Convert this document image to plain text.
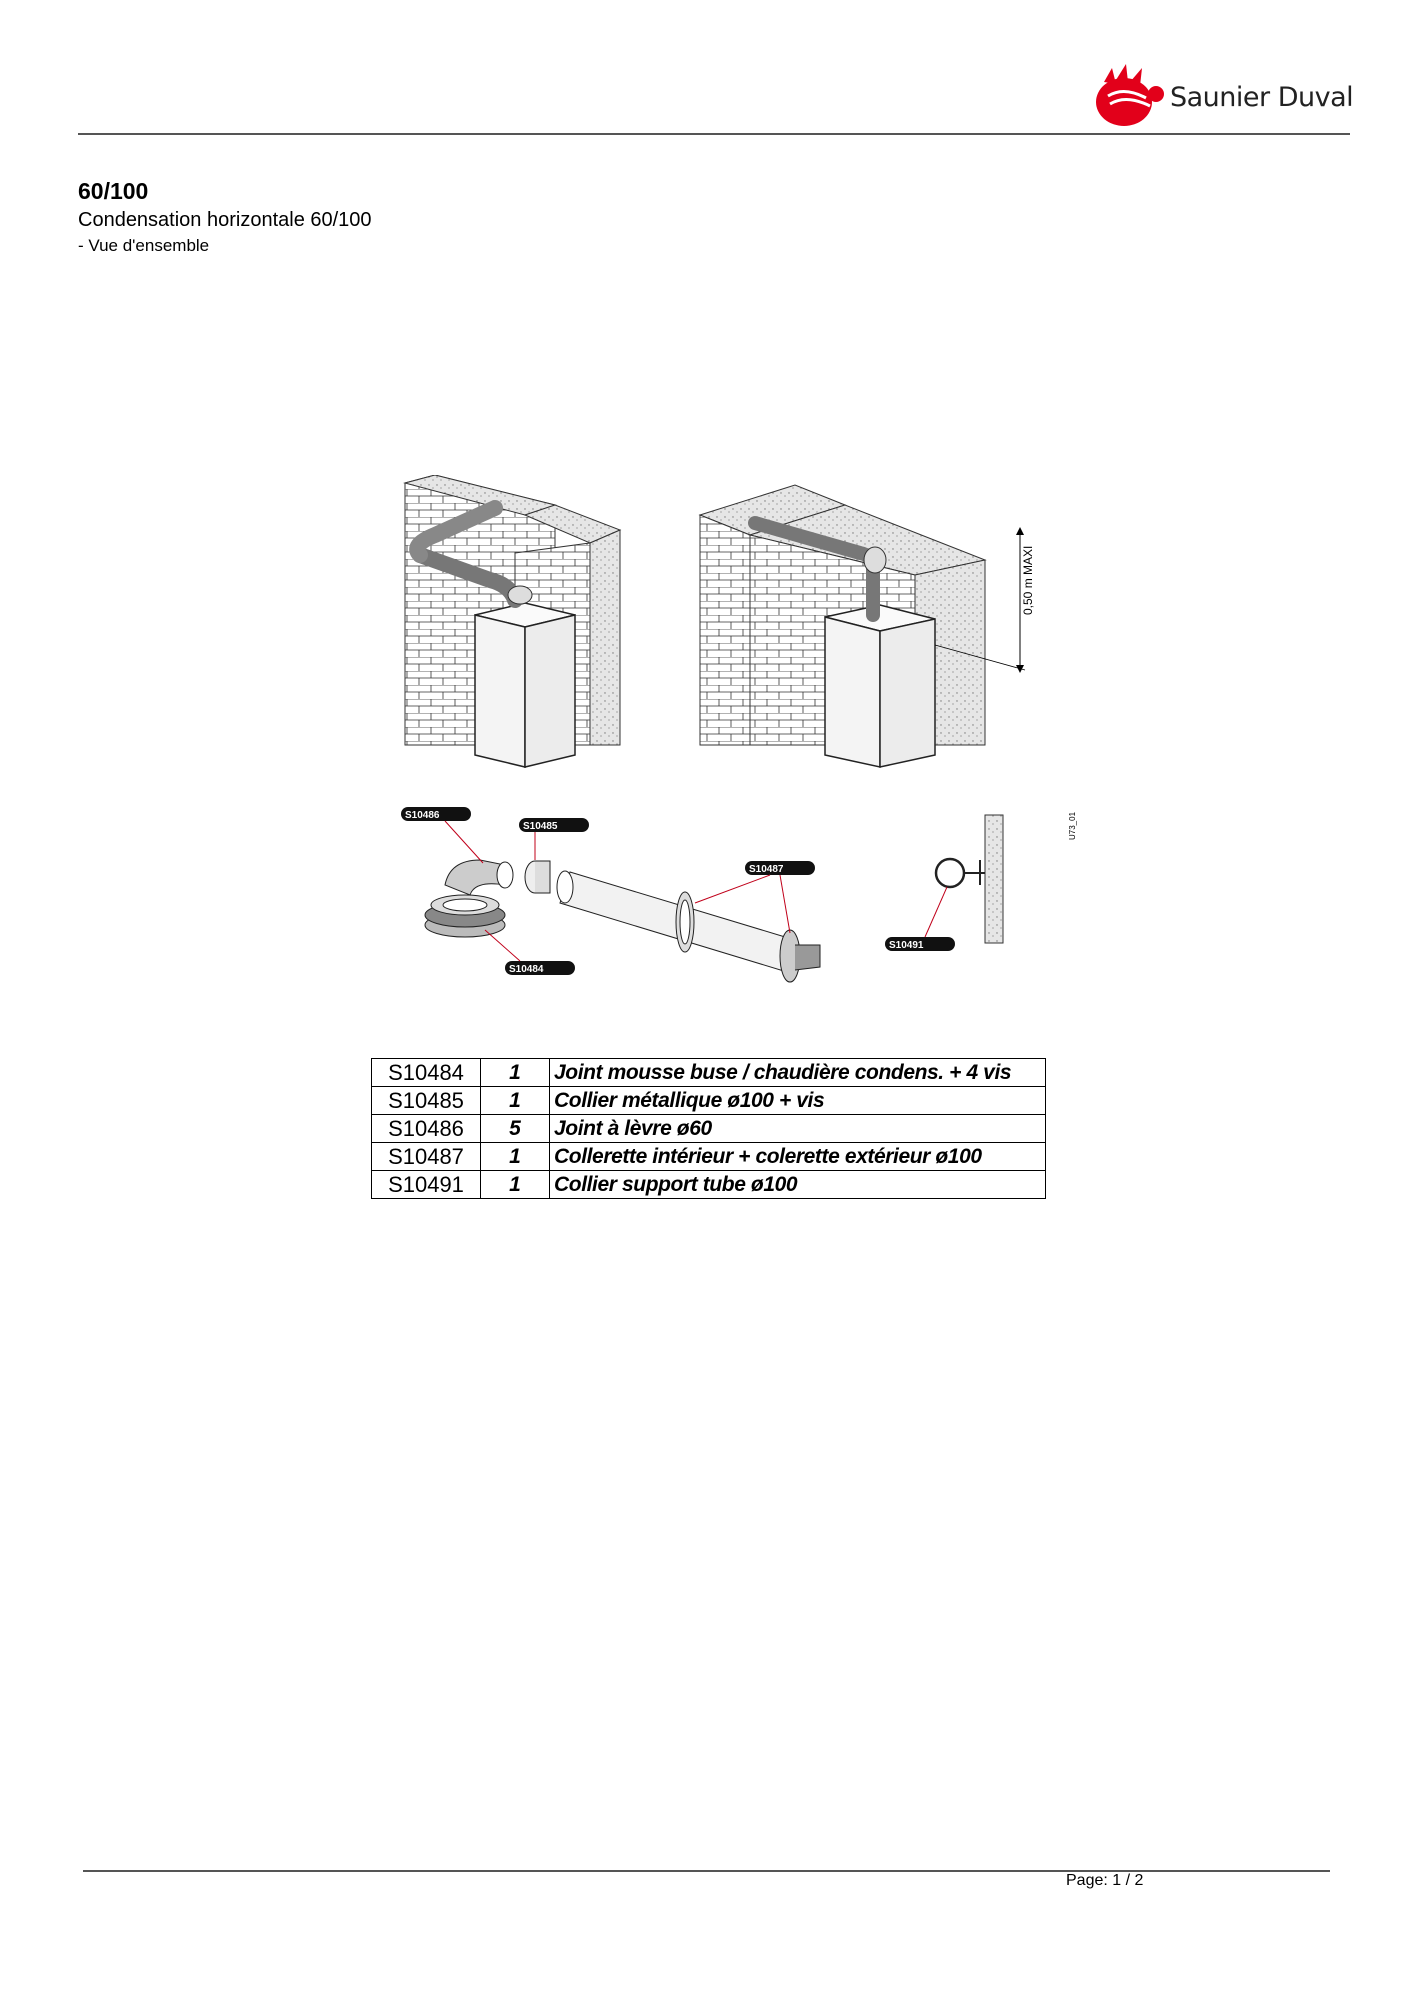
Saunier Duval
60/100
Condensation horizontale 60/100
- Vue d'ensemble
0,50 m MAXI
U73_01
S10486
S10485
S10487
S10491
S10484
S10484	1	Joint mousse buse / chaudière condens. + 4 vis
S10485	1	Collier métallique ø100 + vis
S10486	5	Joint à lèvre ø60
S10487	1	Collerette intérieur + colerette extérieur ø100
S10491	1	Collier support tube ø100
Page: 1 / 2
